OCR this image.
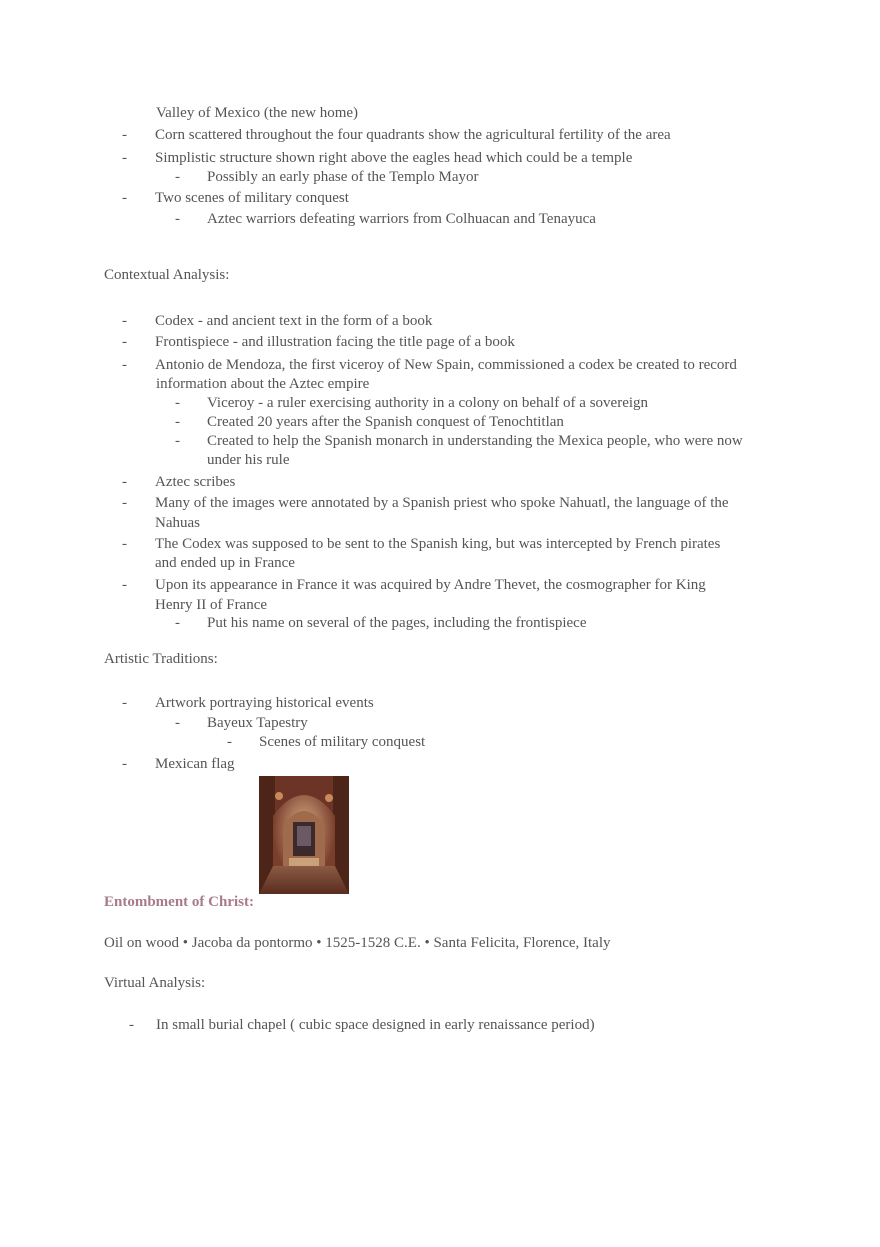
Valley of Mexico (the new home)
- Corn scattered throughout the four quadrants show the agricultural fertility of the area
- Simplistic structure shown right above the eagles head which could be a temple
- Possibly an early phase of the Templo Mayor
- Two scenes of military conquest
- Aztec warriors defeating warriors from Colhuacan and Tenayuca
Contextual Analysis:
- Codex - and ancient text in the form of a book
- Frontispiece - and illustration facing the title page of a book
- Antonio de Mendoza, the first viceroy of New Spain, commissioned a codex be created to record
information about the Aztec empire
- Viceroy - a ruler exercising authority in a colony on behalf of a sovereign
- Created 20 years after the Spanish conquest of Tenochtitlan
- Created to help the Spanish monarch in understanding the Mexica people, who were now
under his rule
- Aztec scribes
- Many of the images were annotated by a Spanish priest who spoke Nahuatl, the language of the
Nahuas
- The Codex was supposed to be sent to the Spanish king, but was intercepted by French pirates
and ended up in France
- Upon its appearance in France it was acquired by Andre Thevet, the cosmographer for King
Henry II of France
- Put his name on several of the pages, including the frontispiece
Artistic Traditions:
- Artwork portraying historical events
- Bayeux Tapestry
- Scenes of military conquest
- Mexican flag
Entombment of Christ:
Oil on wood • Jacoba da pontormo • 1525-1528 C.E. • Santa Felicita, Florence, Italy
Virtual Analysis:
- In small burial chapel ( cubic space designed in early renaissance period)
